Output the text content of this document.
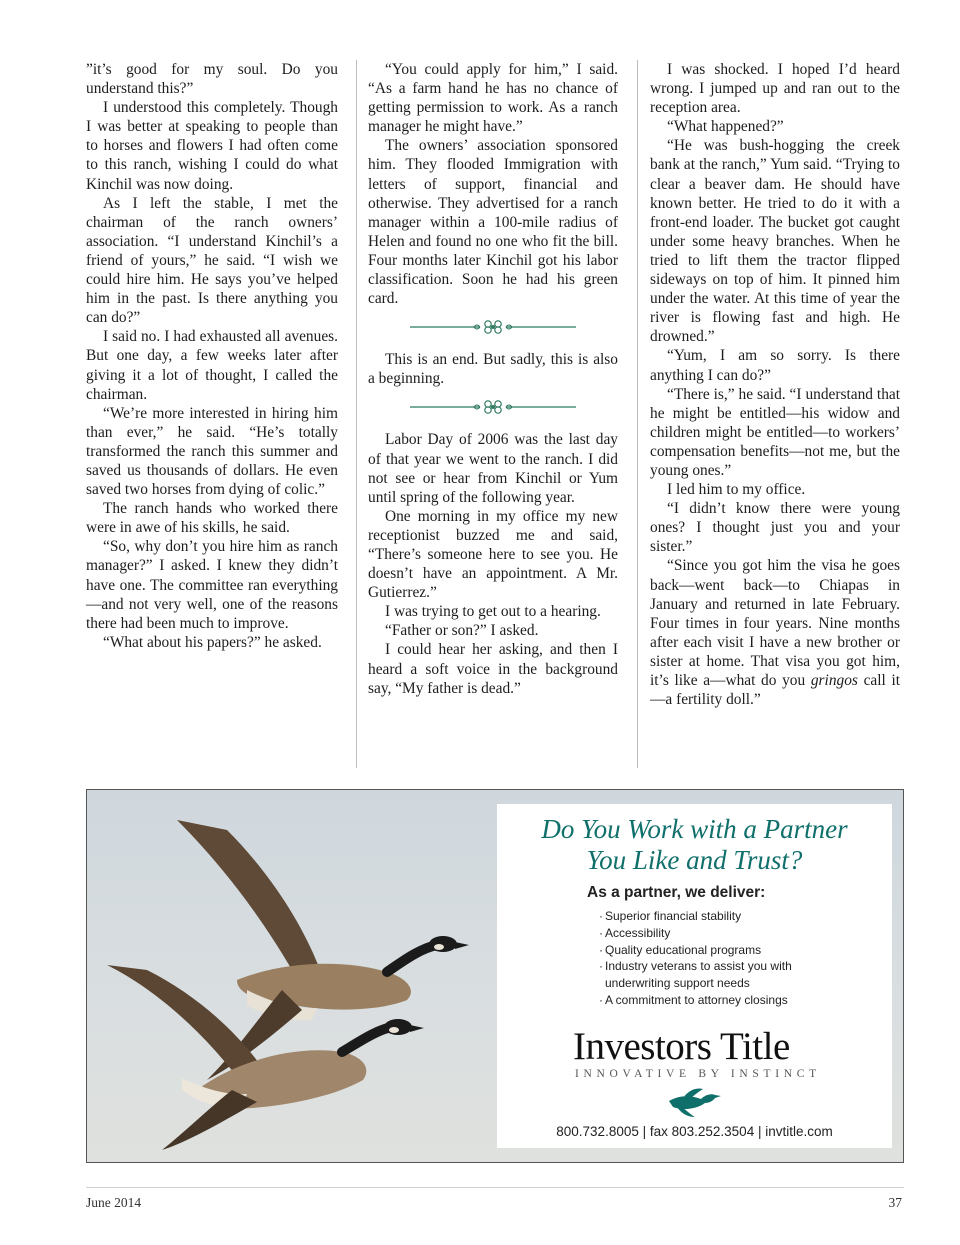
”it’s good for my soul. Do you understand this?”

I understood this completely. Though I was better at speaking to people than to horses and flowers I had often come to this ranch, wishing I could do what Kinchil was now doing.

As I left the stable, I met the chairman of the ranch owners’ association. “I understand Kinchil’s a friend of yours,” he said. “I wish we could hire him. He says you’ve helped him in the past. Is there anything you can do?”

I said no. I had exhausted all avenues. But one day, a few weeks later after giving it a lot of thought, I called the chairman.

“We’re more interested in hiring him than ever,” he said. “He’s totally transformed the ranch this summer and saved us thousands of dollars. He even saved two horses from dying of colic.”

The ranch hands who worked there were in awe of his skills, he said.

“So, why don’t you hire him as ranch manager?” I asked. I knew they didn’t have one. The committee ran everything—and not very well, one of the reasons there had been much to improve.

“What about his papers?” he asked.

“You could apply for him,” I said. “As a farm hand he has no chance of getting permission to work. As a ranch manager he might have.”

The owners’ association sponsored him. They flooded Immigration with letters of support, financial and otherwise. They advertised for a ranch manager within a 100-mile radius of Helen and found no one who fit the bill. Four months later Kinchil got his labor classification. Soon he had his green card.

This is an end. But sadly, this is also a beginning.

Labor Day of 2006 was the last day of that year we went to the ranch. I did not see or hear from Kinchil or Yum until spring of the following year.

One morning in my office my new receptionist buzzed me and said, “There’s someone here to see you. He doesn’t have an appointment. A Mr. Gutierrez.”

I was trying to get out to a hearing.

“Father or son?” I asked.

I could hear her asking, and then I heard a soft voice in the background say, “My father is dead.”

I was shocked. I hoped I’d heard wrong. I jumped up and ran out to the reception area.

“What happened?”

“He was bush-hogging the creek bank at the ranch,” Yum said. “Trying to clear a beaver dam. He should have known better. He tried to do it with a front-end loader. The bucket got caught under some heavy branches. When he tried to lift them the tractor flipped sideways on top of him. It pinned him under the water. At this time of year the river is flowing fast and high. He drowned.”

“Yum, I am so sorry. Is there anything I can do?”

“There is,” he said. “I understand that he might be entitled—his widow and children might be entitled—to workers’ compensation benefits—not me, but the young ones.”

I led him to my office.

“I didn’t know there were young ones? I thought just you and your sister.”

“Since you got him the visa he goes back—went back—to Chiapas in January and returned in late February. Four times in four years. Nine months after each visit I have a new brother or sister at home. That visa you got him, it’s like a—what do you gringos call it—a fertility doll.”

Do You Work with a Partner
You Like and Trust?
As a partner, we deliver:
· Superior financial stability
· Accessibility
· Quality educational programs
· Industry veterans to assist you with underwriting support needs
· A commitment to attorney closings
Investors Title
INNOVATIVE BY INSTINCT
800.732.8005 | fax 803.252.3504 | invtitle.com
June 2014	37
